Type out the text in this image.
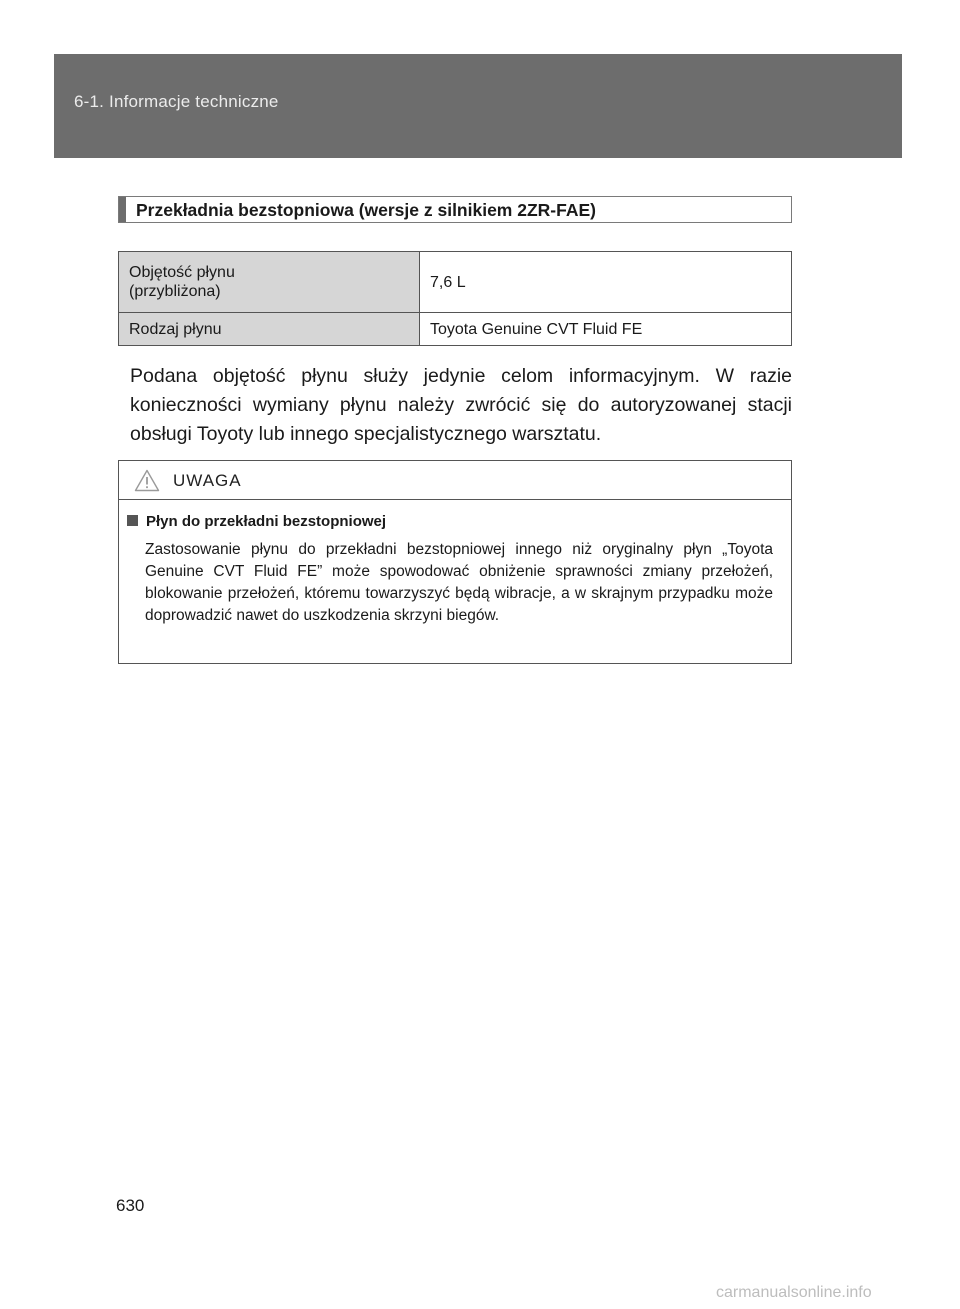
6-1. Informacje techniczne
Przekładnia bezstopniowa (wersje z silnikiem 2ZR-FAE)
Objętość płynu
(przybliżona)	7,6 L
Rodzaj płynu	Toyota Genuine CVT Fluid FE
Podana objętość płynu służy jedynie celom informacyjnym. W razie konieczności wymiany płynu należy zwrócić się do autoryzowanej stacji obsługi Toyoty lub innego specjalistycznego warsztatu.
UWAGA
Płyn do przekładni bezstopniowej
Zastosowanie płynu do przekładni bezstopniowej innego niż oryginalny płyn „Toyota Genuine CVT Fluid FE” może spowodować obniżenie sprawności zmiany przełożeń, blokowanie przełożeń, któremu towarzyszyć będą wibracje, a w skrajnym przypadku może doprowadzić nawet do uszkodzenia skrzyni biegów.
630
carmanualsonline.info
